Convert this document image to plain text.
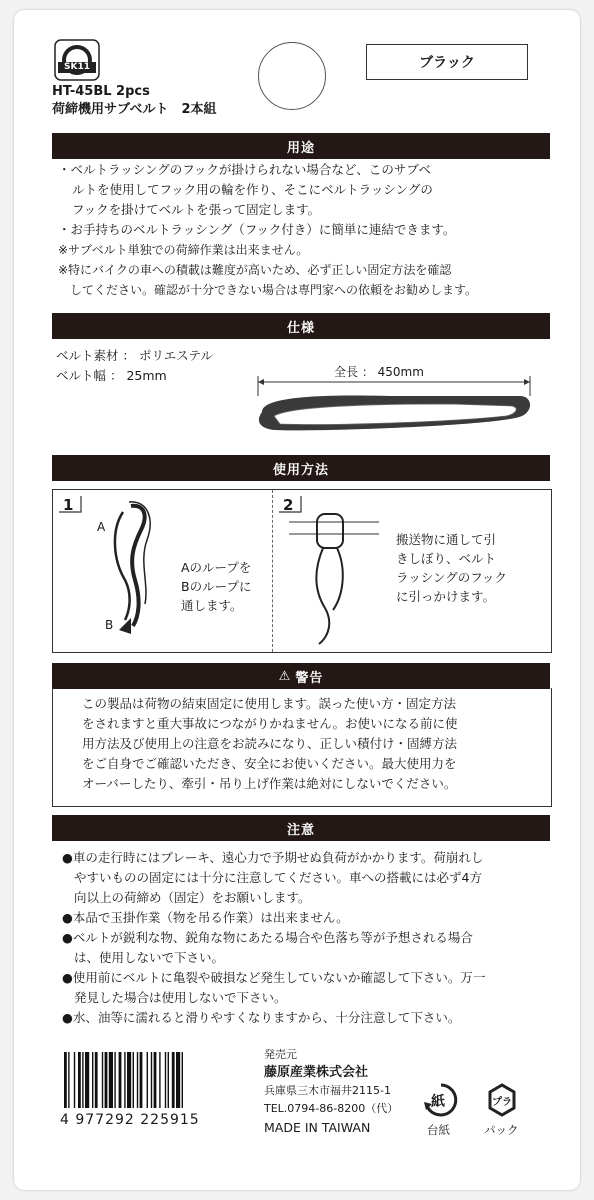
SK11	ブラック
HT-45BL 2pcs
荷締機用サブベルト　2本組
用途

・ベルトラッシングのフックが掛けられない場合など、このサブベ

ルトを使用してフック用の輪を作り、そこにベルトラッシングの

フックを掛けてベルトを張って固定します。

・お手持ちのベルトラッシング（フック付き）に簡単に連結できます。

※サブベルト単独での荷締作業は出来ません。

※特にバイクの車への積載は難度が高いため、必ず正しい固定方法を確認

してください。確認が十分できない場合は専門家への依頼をお勧めします。

仕様
ベルト素材 ： ポリエステル
ベルト幅 ： 25mm	全長 ： 450mm
使用方法
1
A
B
Aのループを
Bのループに
通します。
2
搬送物に通して引
きしぼり、ベルト
ラッシングのフック
に引っかけます。
⚠ 警告
この製品は荷物の結束固定に使用します。誤った使い方・固定方法
をされますと重大事故につながりかねません。お使いになる前に使
用方法及び使用上の注意をお読みになり、正しい積付け・固縛方法
をご自身でご確認いただき、安全にお使いください。最大使用力を
オーバーしたり、牽引・吊り上げ作業は絶対にしないでください。
注意
●車の走行時にはブレーキ、遠心力で予期せぬ負荷がかかります。荷崩れし
やすいものの固定には十分に注意してください。車への搭載には必ず4方
向以上の荷締め（固定）をお願いします。
●本品で玉掛作業（物を吊る作業）は出来ません。
●ベルトが鋭利な物、鋭角な物にあたる場合や色落ち等が予想される場合
は、使用しないで下さい。
●使用前にベルトに亀裂や破損など発生していないか確認して下さい。万一
発見した場合は使用しないで下さい。
●水、油等に濡れると滑りやすくなりますから、十分注意して下さい。
4 977292 225915
発売元
藤原産業株式会社
兵庫県三木市福井2115-1
TEL.0794-86-8200（代）
MADE IN TAIWAN
紙
台紙
プラ
パック
